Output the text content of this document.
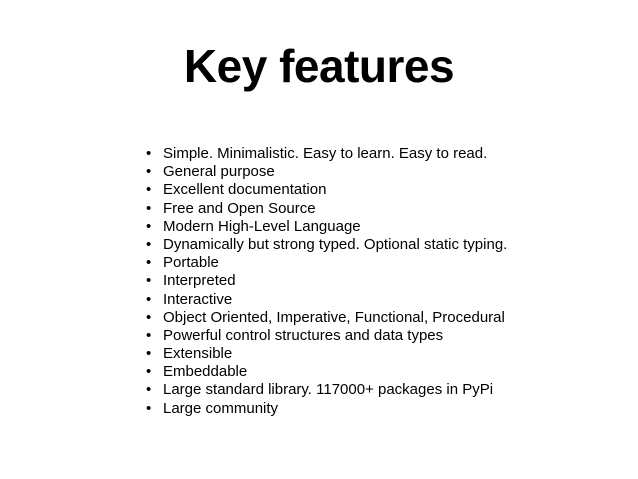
Key features
• Simple. Minimalistic. Easy to learn. Easy to read.
• General purpose
• Excellent documentation
• Free and Open Source
• Modern High-Level Language
• Dynamically but strong typed. Optional static typing.
• Portable
• Interpreted
• Interactive
• Object Oriented, Imperative, Functional, Procedural
• Powerful control structures and data types
• Extensible
• Embeddable
• Large standard library. 117000+ packages in PyPi
• Large community
